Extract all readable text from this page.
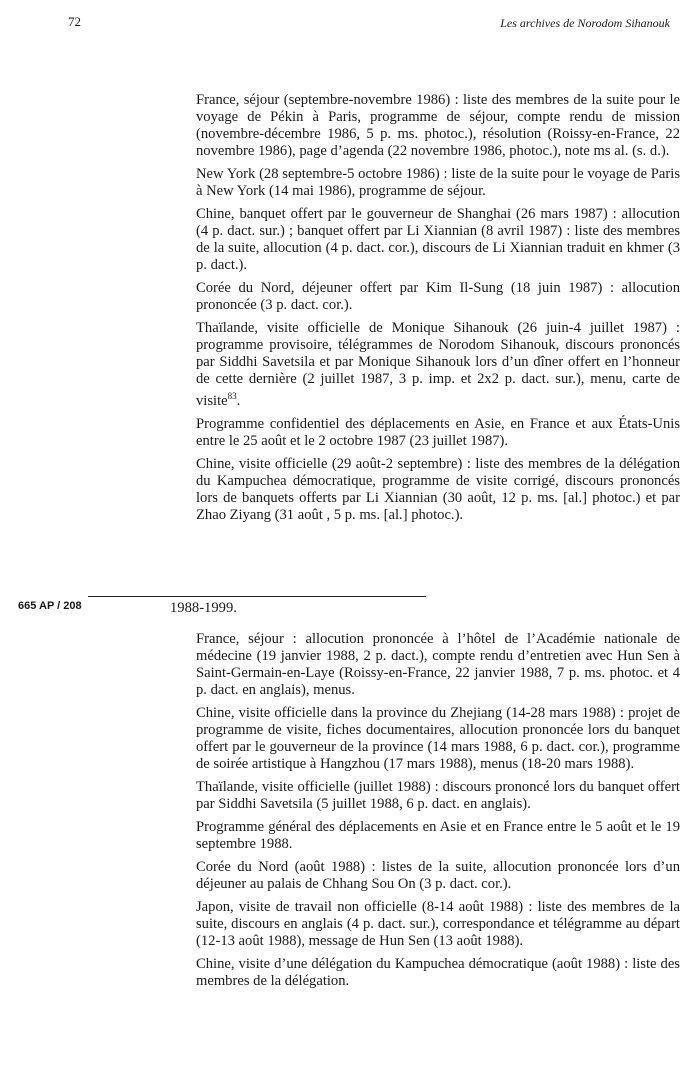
72	Les archives de Norodom Sihanouk

France, séjour (septembre-novembre 1986) : liste des membres de la suite pour le voyage de Pékin à Paris, programme de séjour, compte rendu de mission (novembre-décembre 1986, 5 p. ms. photoc.), résolution (Roissy-en-France, 22 novembre 1986), page d’agenda (22 novembre 1986, photoc.), note ms al. (s. d.).

New York (28 septembre-5 octobre 1986) : liste de la suite pour le voyage de Paris à New York (14 mai 1986), programme de séjour.

Chine, banquet offert par le gouverneur de Shanghai (26 mars 1987) : allocution (4 p. dact. sur.) ; banquet offert par Li Xiannian (8 avril 1987) : liste des membres de la suite, allocution (4 p. dact. cor.), discours de Li Xiannian traduit en khmer (3 p. dact.).

Corée du Nord, déjeuner offert par Kim Il-Sung (18 juin 1987) : allocution prononcée (3 p. dact. cor.).

Thaïlande, visite officielle de Monique Sihanouk (26 juin-4 juillet 1987) : programme provisoire, télégrammes de Norodom Sihanouk, discours prononcés par Siddhi Savetsila et par Monique Sihanouk lors d’un dîner offert en l’honneur de cette dernière (2 juillet 1987, 3 p. imp. et 2x2 p. dact. sur.), menu, carte de visite$^{83}$.

Programme confidentiel des déplacements en Asie, en France et aux États-Unis entre le 25 août et le 2 octobre 1987 (23 juillet 1987).

Chine, visite officielle (29 août-2 septembre) : liste des membres de la délégation du Kampuchea démocratique, programme de visite corrigé, discours prononcés lors de banquets offerts par Li Xiannian (30 août, 12 p. ms. [al.] photoc.) et par Zhao Ziyang (31 août , 5 p. ms. [al.] photoc.).

665 AP / 208	1988-1999.

France, séjour : allocution prononcée à l’hôtel de l’Académie nationale de médecine (19 janvier 1988, 2 p. dact.), compte rendu d’entretien avec Hun Sen à Saint-Germain-en-Laye (Roissy-en-France, 22 janvier 1988, 7 p. ms. photoc. et 4 p. dact. en anglais), menus.

Chine, visite officielle dans la province du Zhejiang (14-28 mars 1988) : projet de programme de visite, fiches documentaires, allocution prononcée lors du banquet offert par le gouverneur de la province (14 mars 1988, 6 p. dact. cor.), programme de soirée artistique à Hangzhou (17 mars 1988), menus (18-20 mars 1988).

Thaïlande, visite officielle (juillet 1988) : discours prononcé lors du banquet offert par Siddhi Savetsila (5 juillet 1988, 6 p. dact. en anglais).

Programme général des déplacements en Asie et en France entre le 5 août et le 19 septembre 1988.

Corée du Nord (août 1988) : listes de la suite, allocution prononcée lors d’un déjeuner au palais de Chhang Sou On (3 p. dact. cor.).

Japon, visite de travail non officielle (8-14 août 1988) : liste des membres de la suite, discours en anglais (4 p. dact. sur.), correspondance et télégramme au départ (12-13 août 1988), message de Hun Sen (13 août 1988).

Chine, visite d’une délégation du Kampuchea démocratique (août 1988) : liste des membres de la délégation.
